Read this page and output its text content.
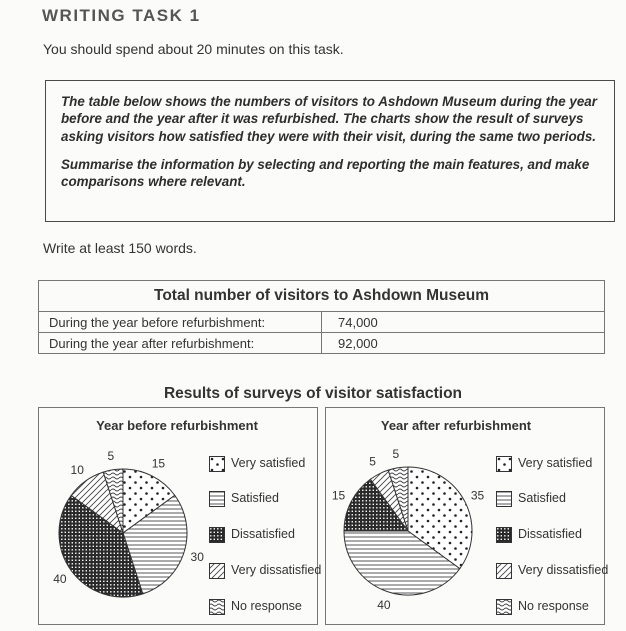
WRITING TASK 1
You should spend about 20 minutes on this task.

The table below shows the numbers of visitors to Ashdown Museum during the year before and the year after it was refurbished. The charts show the result of surveys asking visitors how satisfied they were with their visit, during the same two periods.

Summarise the information by selecting and reporting the main features, and make comparisons where relevant.

Write at least 150 words.
Total number of visitors to Ashdown Museum	
During the year before refurbishment:	74,000
During the year after refurbishment:	92,000
Results of surveys of visitor satisfaction
Year before refurbishment
15
30
40
10
5	Very satisfied
Satisfied
Dissatisfied
Very dissatisfied
No response
Year after refurbishment
35
40
15
5
5
Very satisfied
Satisfied
Dissatisfied
Very dissatisfied
No response
